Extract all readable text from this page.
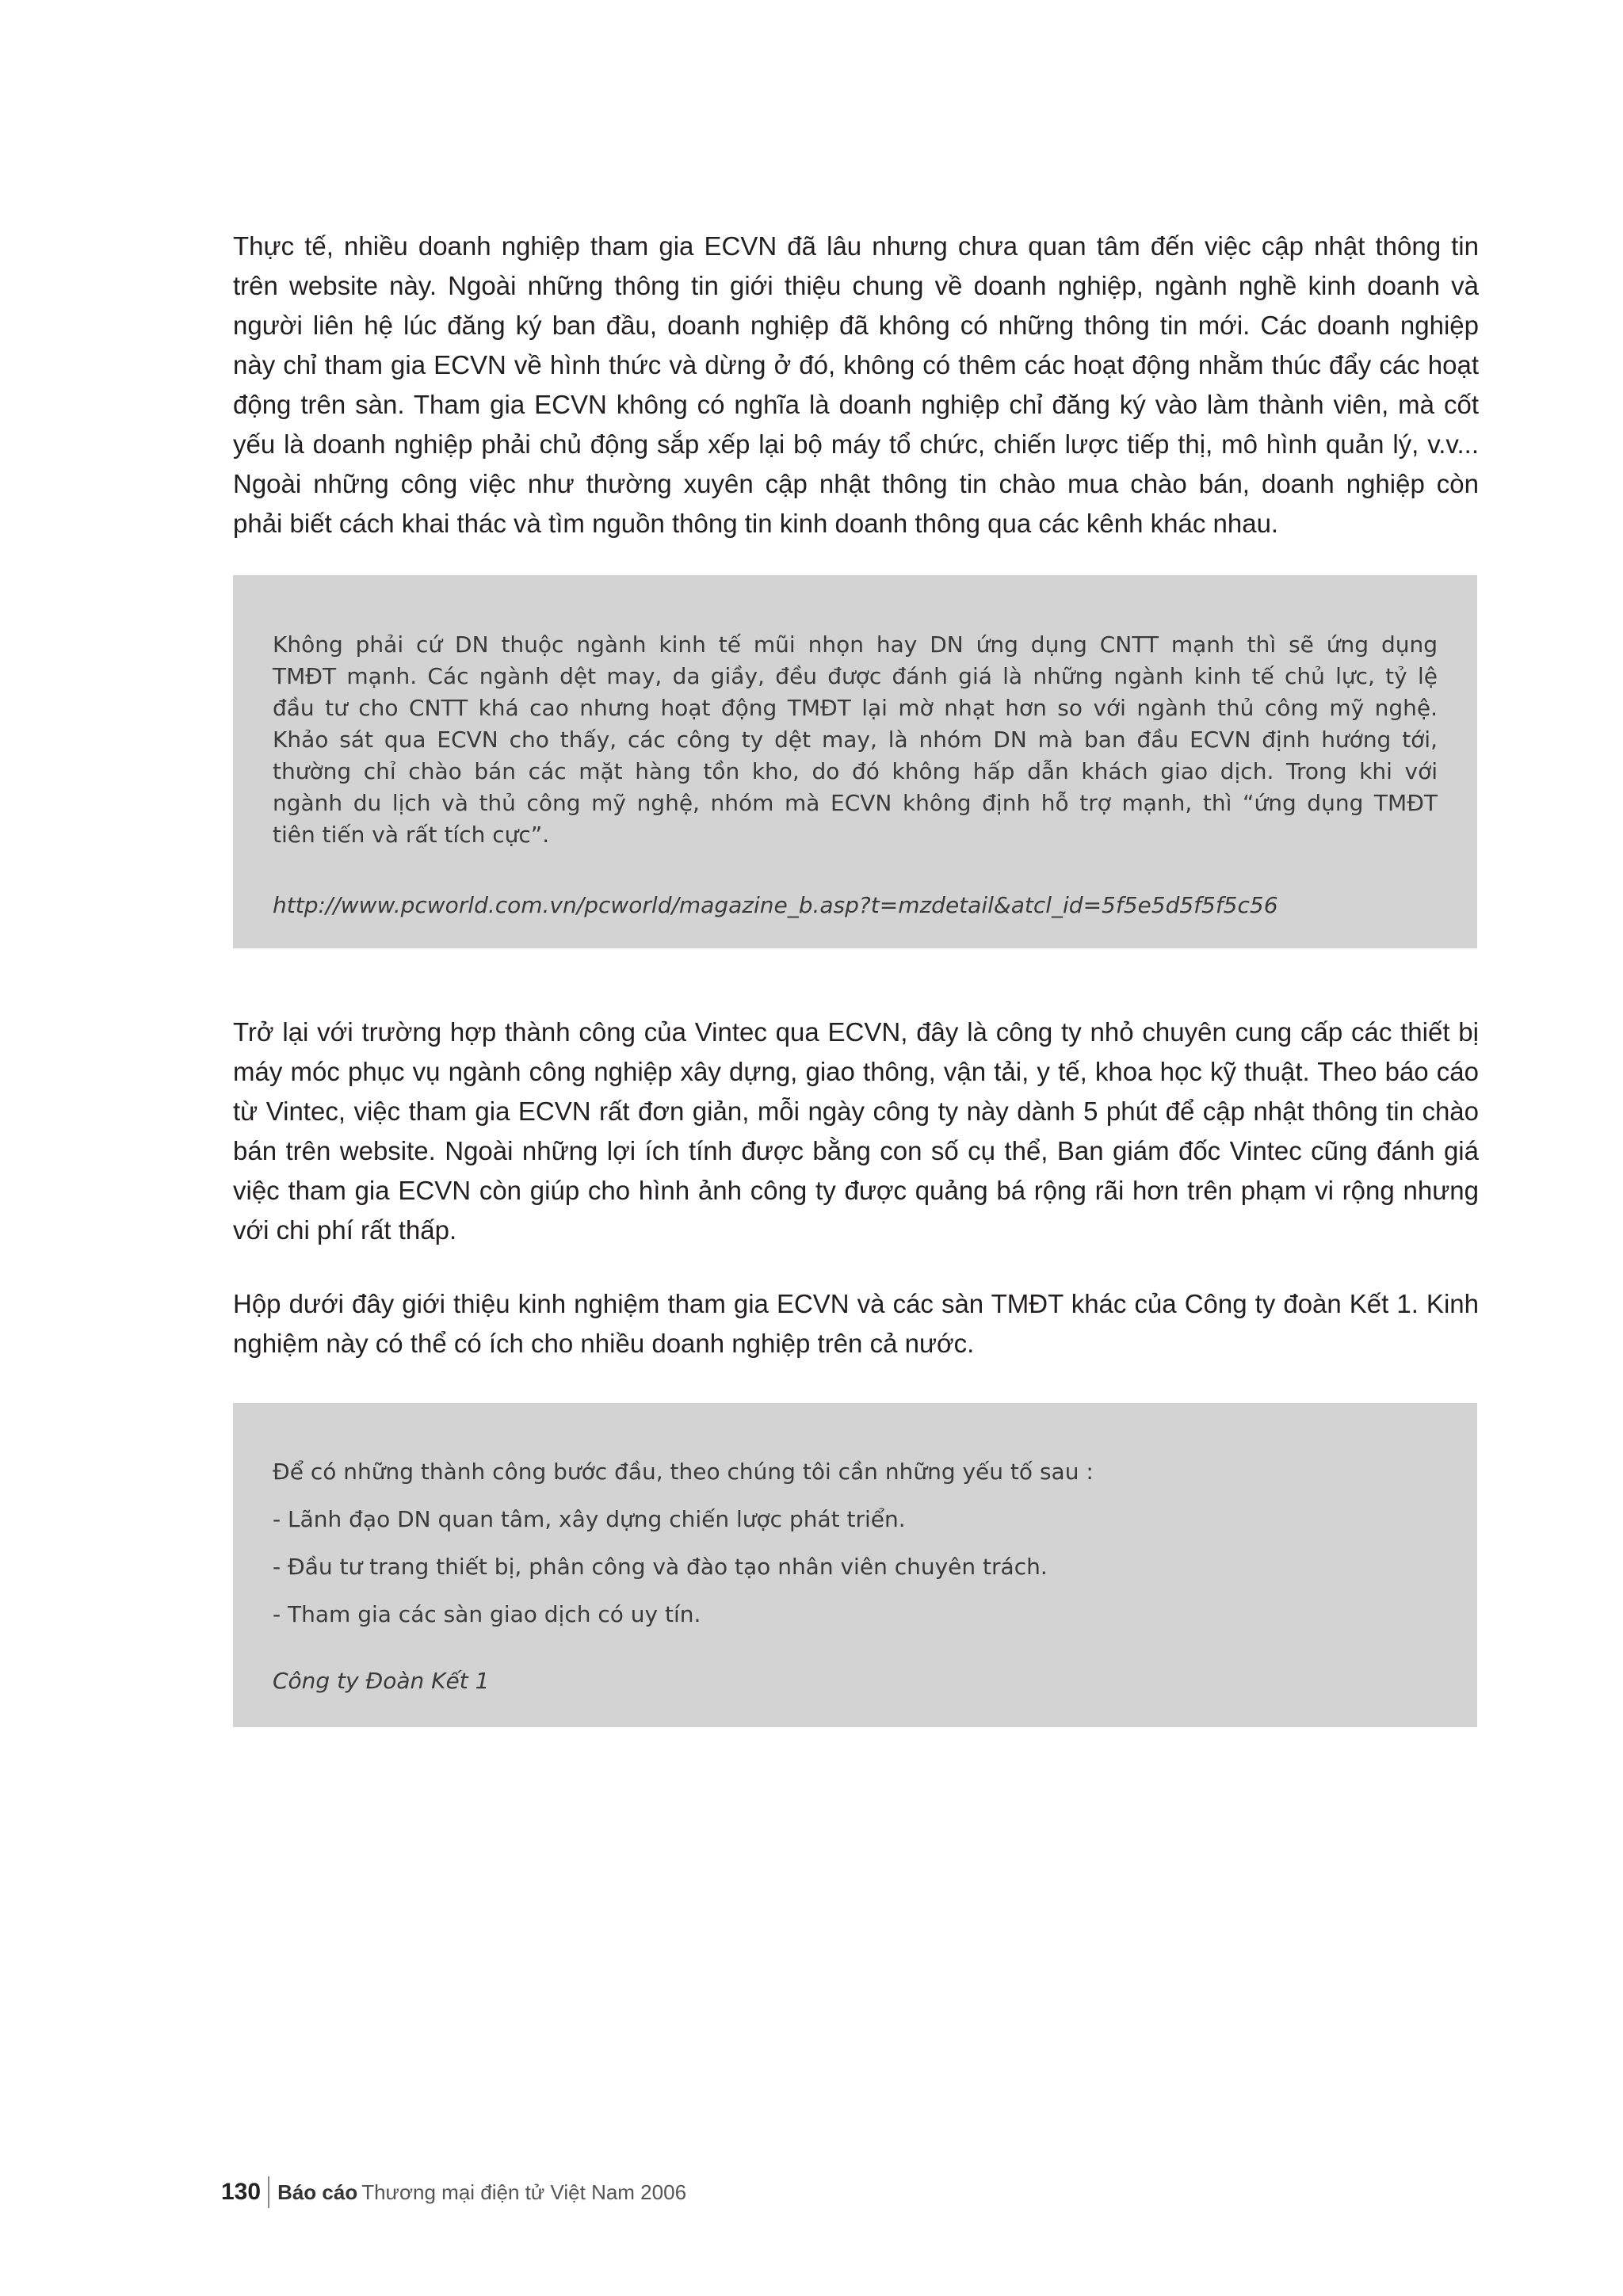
Thực tế, nhiều doanh nghiệp tham gia ECVN đã lâu nhưng chưa quan tâm đến việc cập nhật thông tin
trên website này. Ngoài những thông tin giới thiệu chung về doanh nghiệp, ngành nghề kinh doanh và
người liên hệ lúc đăng ký ban đầu, doanh nghiệp đã không có những thông tin mới. Các doanh nghiệp
này chỉ tham gia ECVN về hình thức và dừng ở đó, không có thêm các hoạt động nhằm thúc đẩy các hoạt
động trên sàn. Tham gia ECVN không có nghĩa là doanh nghiệp chỉ đăng ký vào làm thành viên, mà cốt
yếu là doanh nghiệp phải chủ động sắp xếp lại bộ máy tổ chức, chiến lược tiếp thị, mô hình quản lý, v.v...
Ngoài những công việc như thường xuyên cập nhật thông tin chào mua chào bán, doanh nghiệp còn
phải biết cách khai thác và tìm nguồn thông tin kinh doanh thông qua các kênh khác nhau.
Không phải cứ DN thuộc ngành kinh tế mũi nhọn hay DN ứng dụng CNTT mạnh thì sẽ ứng dụng
TMĐT mạnh. Các ngành dệt may, da giầy, đều được đánh giá là những ngành kinh tế chủ lực, tỷ lệ
đầu tư cho CNTT khá cao nhưng hoạt động TMĐT lại mờ nhạt hơn so với ngành thủ công mỹ nghệ.
Khảo sát qua ECVN cho thấy, các công ty dệt may, là nhóm DN mà ban đầu ECVN định hướng tới,
thường chỉ chào bán các mặt hàng tồn kho, do đó không hấp dẫn khách giao dịch. Trong khi với
ngành du lịch và thủ công mỹ nghệ, nhóm mà ECVN không định hỗ trợ mạnh, thì “ứng dụng TMĐT
tiên tiến và rất tích cực”.
http://www.pcworld.com.vn/pcworld/magazine_b.asp?t=mzdetail&atcl_id=5f5e5d5f5f5c56
Trở lại với trường hợp thành công của Vintec qua ECVN, đây là công ty nhỏ chuyên cung cấp các thiết bị
máy móc phục vụ ngành công nghiệp xây dựng, giao thông, vận tải, y tế, khoa học kỹ thuật. Theo báo cáo
từ Vintec, việc tham gia ECVN rất đơn giản, mỗi ngày công ty này dành 5 phút để cập nhật thông tin chào
bán trên website. Ngoài những lợi ích tính được bằng con số cụ thể, Ban giám đốc Vintec cũng đánh giá
việc tham gia ECVN còn giúp cho hình ảnh công ty được quảng bá rộng rãi hơn trên phạm vi rộng nhưng
với chi phí rất thấp.
Hộp dưới đây giới thiệu kinh nghiệm tham gia ECVN và các sàn TMĐT khác của Công ty đoàn Kết 1. Kinh
nghiệm này có thể có ích cho nhiều doanh nghiệp trên cả nước.
Để có những thành công bước đầu, theo chúng tôi cần những yếu tố sau :
- Lãnh đạo DN quan tâm, xây dựng chiến lược phát triển.
- Đầu tư trang thiết bị, phân công và đào tạo nhân viên chuyên trách.
- Tham gia các sàn giao dịch có uy tín.
Công ty Đoàn Kết 1
130 Báo cáo Thương mại điện tử Việt Nam 2006
